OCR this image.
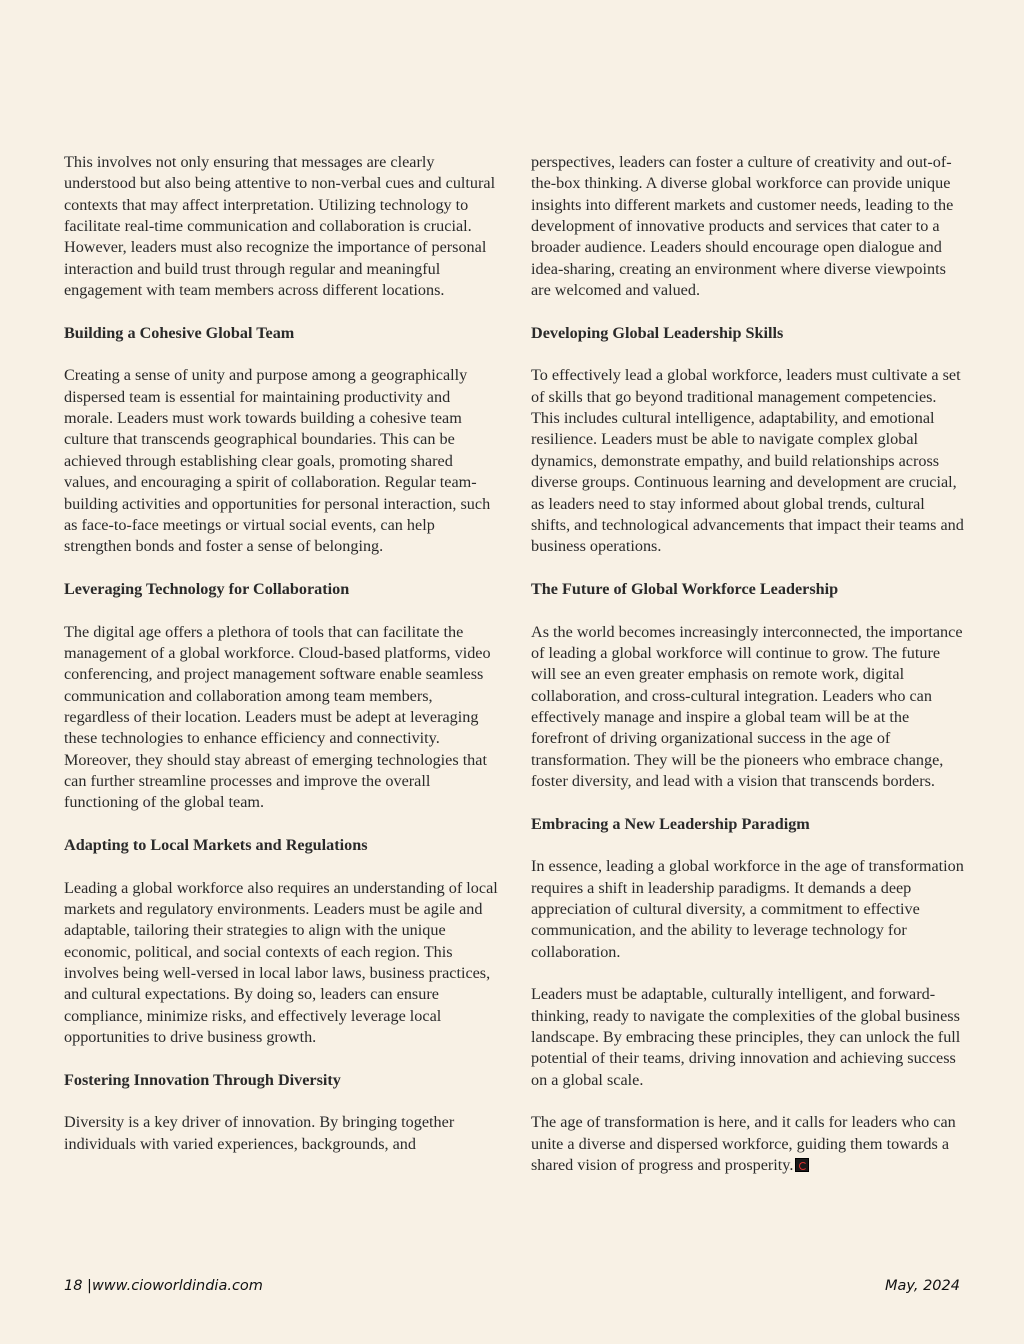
This involves not only ensuring that messages are clearly understood but also being attentive to non-verbal cues and cultural contexts that may affect interpretation. Utilizing technology to facilitate real-time communication and collaboration is crucial. However, leaders must also recognize the importance of personal interaction and build trust through regular and meaningful engagement with team members across different locations.

Building a Cohesive Global Team

Creating a sense of unity and purpose among a geographically dispersed team is essential for maintaining productivity and morale. Leaders must work towards building a cohesive team culture that transcends geographical boundaries. This can be achieved through establishing clear goals, promoting shared values, and encouraging a spirit of collaboration. Regular team-building activities and opportunities for personal interaction, such as face-to-face meetings or virtual social events, can help strengthen bonds and foster a sense of belonging.

Leveraging Technology for Collaboration

The digital age offers a plethora of tools that can facilitate the management of a global workforce. Cloud-based platforms, video conferencing, and project management software enable seamless communication and collaboration among team members, regardless of their location. Leaders must be adept at leveraging these technologies to enhance efficiency and connectivity. Moreover, they should stay abreast of emerging technologies that can further streamline processes and improve the overall functioning of the global team.

Adapting to Local Markets and Regulations

Leading a global workforce also requires an understanding of local markets and regulatory environments. Leaders must be agile and adaptable, tailoring their strategies to align with the unique economic, political, and social contexts of each region. This involves being well-versed in local labor laws, business practices, and cultural expectations. By doing so, leaders can ensure compliance, minimize risks, and effectively leverage local opportunities to drive business growth.

Fostering Innovation Through Diversity

Diversity is a key driver of innovation. By bringing together individuals with varied experiences, backgrounds, and

perspectives, leaders can foster a culture of creativity and out-of-the-box thinking. A diverse global workforce can provide unique insights into different markets and customer needs, leading to the development of innovative products and services that cater to a broader audience. Leaders should encourage open dialogue and idea-sharing, creating an environment where diverse viewpoints are welcomed and valued.

Developing Global Leadership Skills

To effectively lead a global workforce, leaders must cultivate a set of skills that go beyond traditional management competencies. This includes cultural intelligence, adaptability, and emotional resilience. Leaders must be able to navigate complex global dynamics, demonstrate empathy, and build relationships across diverse groups. Continuous learning and development are crucial, as leaders need to stay informed about global trends, cultural shifts, and technological advancements that impact their teams and business operations.

The Future of Global Workforce Leadership

As the world becomes increasingly interconnected, the importance of leading a global workforce will continue to grow. The future will see an even greater emphasis on remote work, digital collaboration, and cross-cultural integration. Leaders who can effectively manage and inspire a global team will be at the forefront of driving organizational success in the age of transformation. They will be the pioneers who embrace change, foster diversity, and lead with a vision that transcends borders.

Embracing a New Leadership Paradigm

In essence, leading a global workforce in the age of transformation requires a shift in leadership paradigms. It demands a deep appreciation of cultural diversity, a commitment to effective communication, and the ability to leverage technology for collaboration.

Leaders must be adaptable, culturally intelligent, and forward-thinking, ready to navigate the complexities of the global business landscape. By embracing these principles, they can unlock the full potential of their teams, driving innovation and achieving success on a global scale.

The age of transformation is here, and it calls for leaders who can unite a diverse and dispersed workforce, guiding them towards a shared vision of progress and prosperity.

18 |www.cioworldindia.com	May, 2024
